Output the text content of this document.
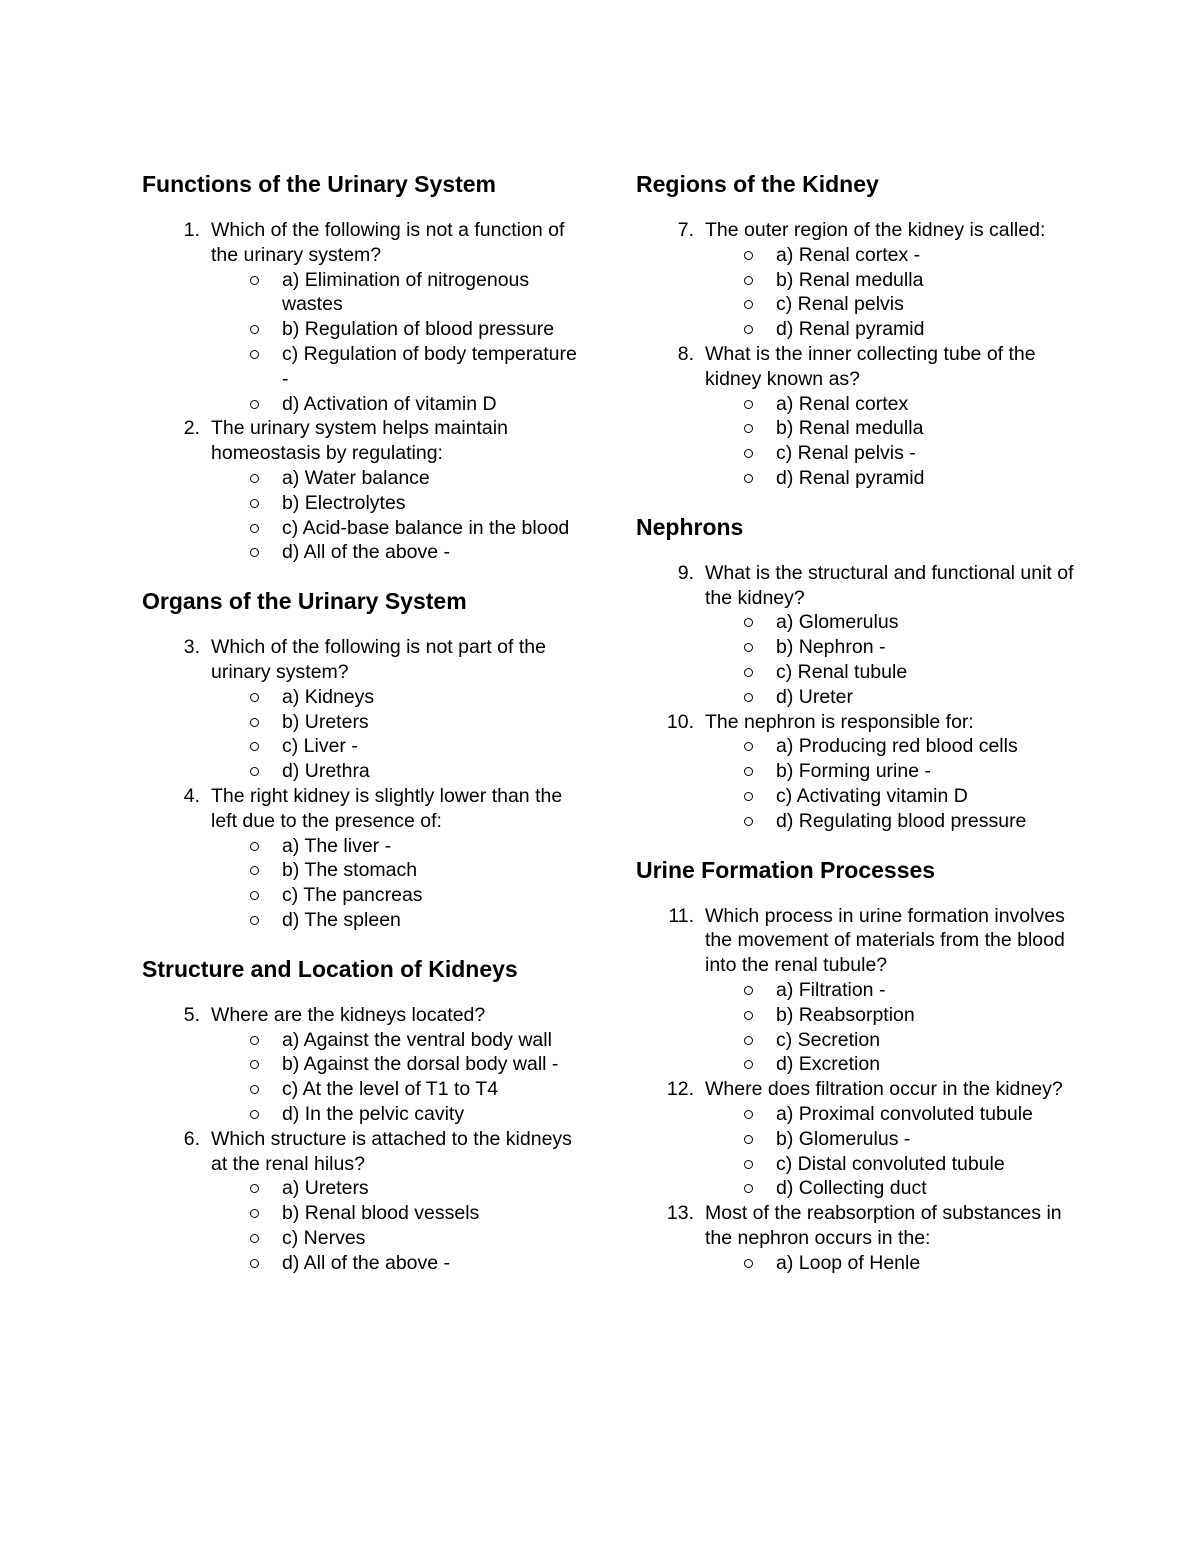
Functions of the Urinary System
1. Which of the following is not a function of the urinary system?
a) Elimination of nitrogenous wastes
b) Regulation of blood pressure
c) Regulation of body temperature -
d) Activation of vitamin D
2. The urinary system helps maintain homeostasis by regulating:
a) Water balance
b) Electrolytes
c) Acid-base balance in the blood
d) All of the above -
Organs of the Urinary System
3. Which of the following is not part of the urinary system?
a) Kidneys
b) Ureters
c) Liver -
d) Urethra
4. The right kidney is slightly lower than the left due to the presence of:
a) The liver -
b) The stomach
c) The pancreas
d) The spleen
Structure and Location of Kidneys
5. Where are the kidneys located?
a) Against the ventral body wall
b) Against the dorsal body wall -
c) At the level of T1 to T4
d) In the pelvic cavity
6. Which structure is attached to the kidneys at the renal hilus?
a) Ureters
b) Renal blood vessels
c) Nerves
d) All of the above -
Regions of the Kidney
7. The outer region of the kidney is called:
a) Renal cortex -
b) Renal medulla
c) Renal pelvis
d) Renal pyramid
8. What is the inner collecting tube of the kidney known as?
a) Renal cortex
b) Renal medulla
c) Renal pelvis -
d) Renal pyramid
Nephrons
9. What is the structural and functional unit of the kidney?
a) Glomerulus
b) Nephron -
c) Renal tubule
d) Ureter
10. The nephron is responsible for:
a) Producing red blood cells
b) Forming urine -
c) Activating vitamin D
d) Regulating blood pressure
Urine Formation Processes
11. Which process in urine formation involves the movement of materials from the blood into the renal tubule?
a) Filtration -
b) Reabsorption
c) Secretion
d) Excretion
12. Where does filtration occur in the kidney?
a) Proximal convoluted tubule
b) Glomerulus -
c) Distal convoluted tubule
d) Collecting duct
13. Most of the reabsorption of substances in the nephron occurs in the:
a) Loop of Henle
